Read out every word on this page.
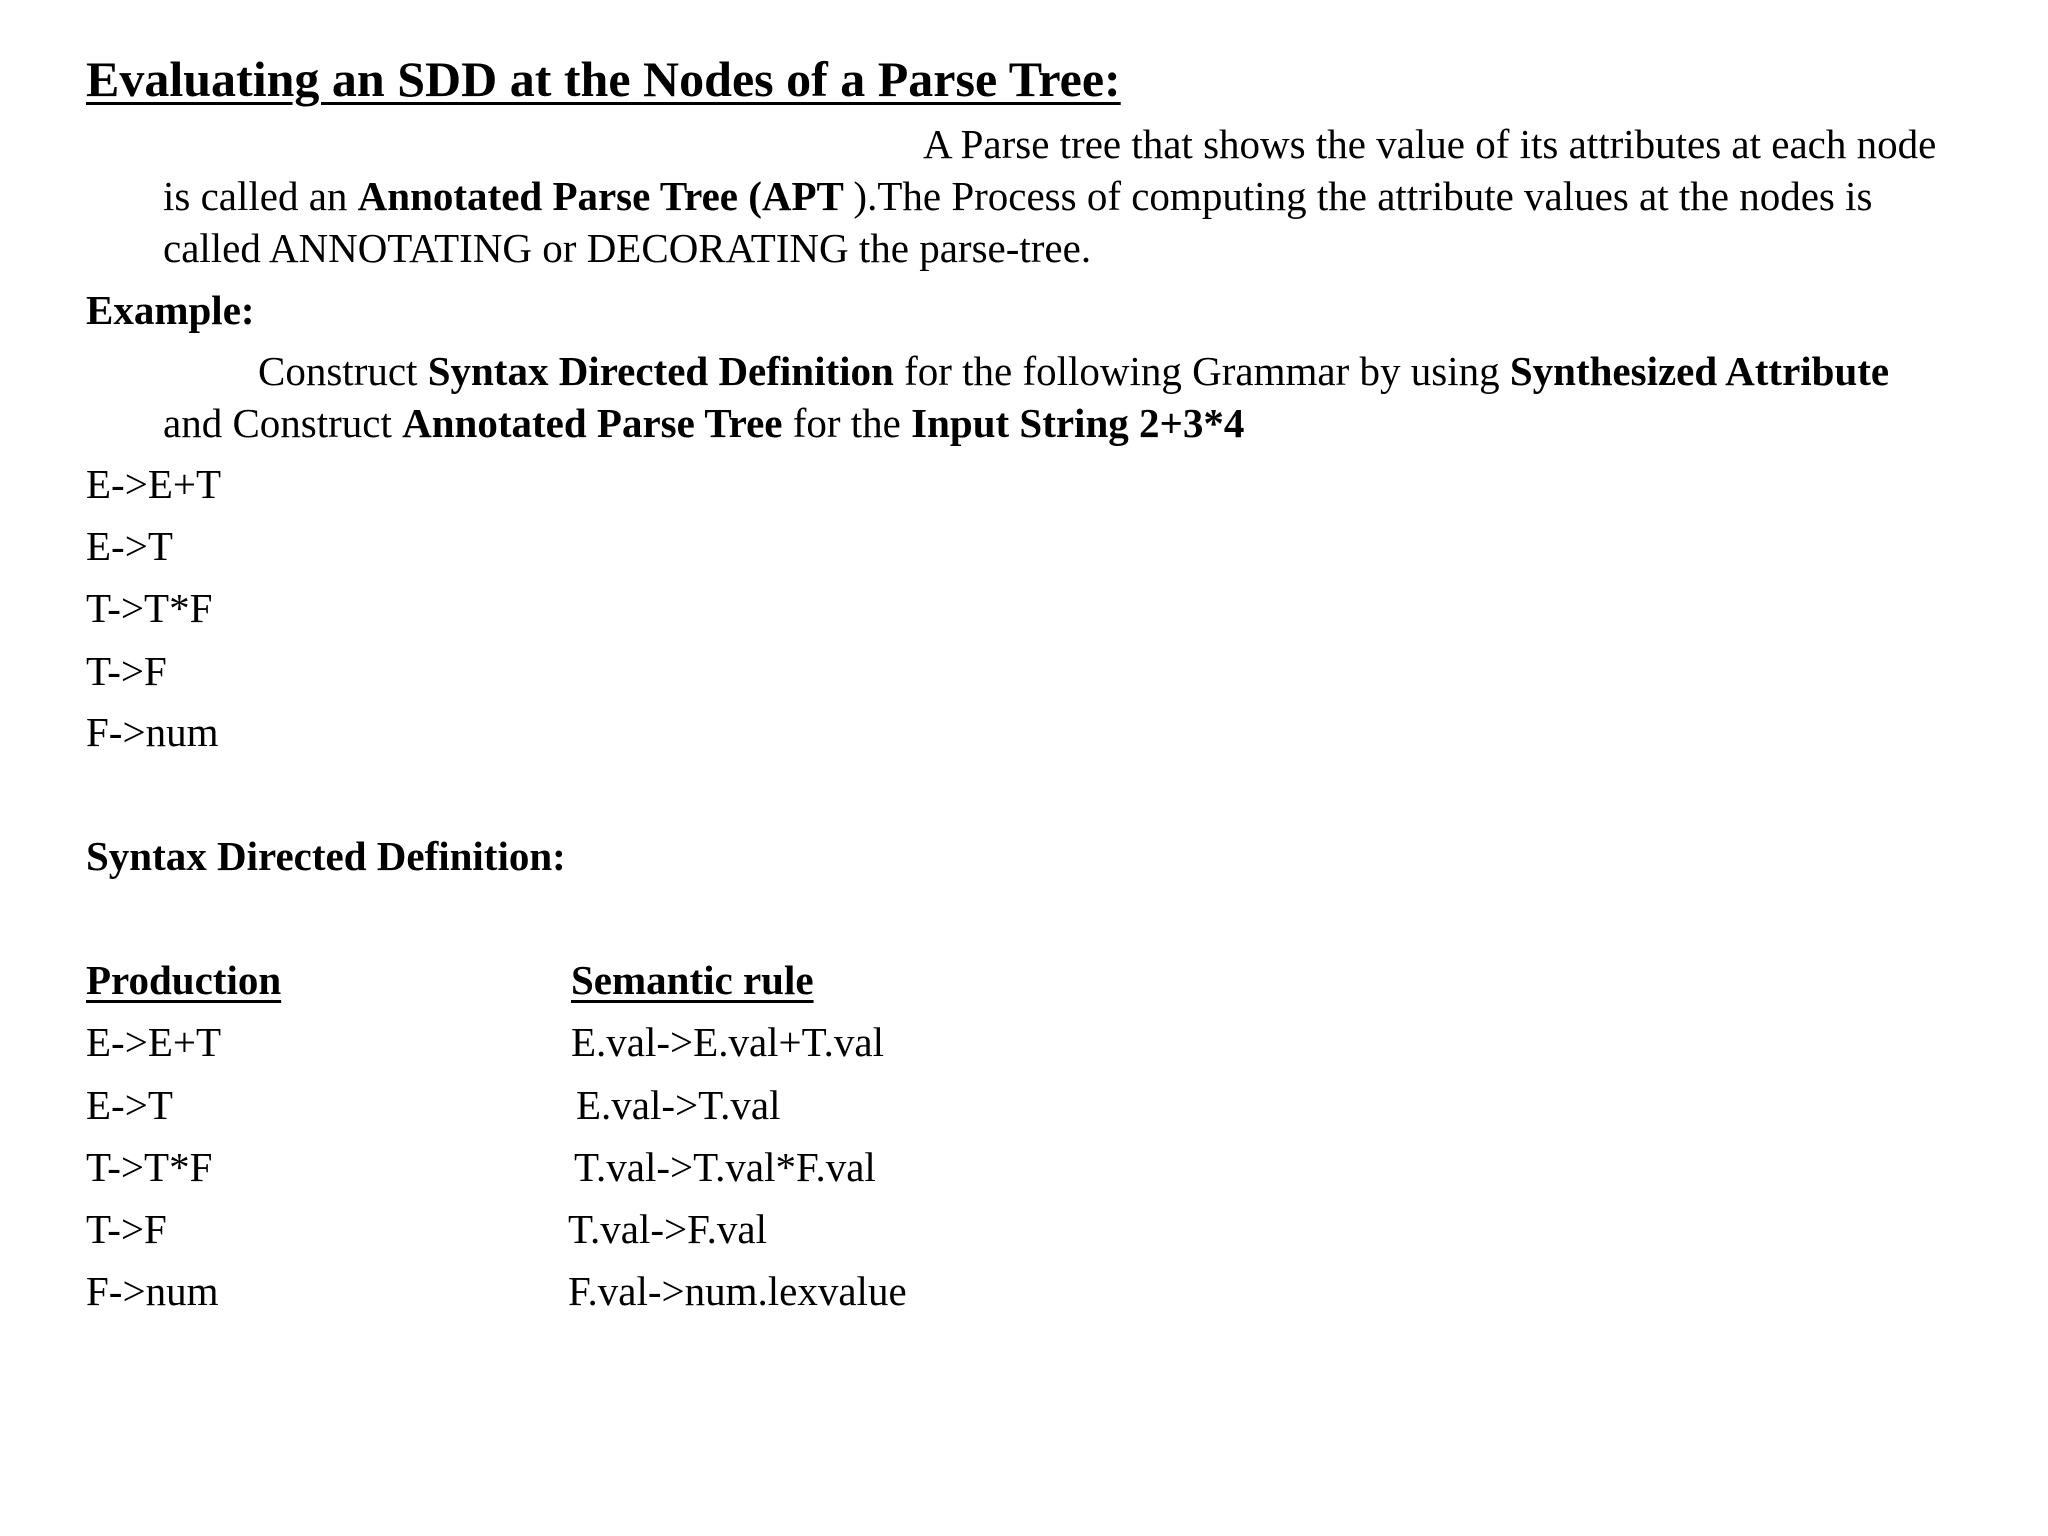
Evaluating an SDD at the Nodes of a Parse Tree:
A Parse tree that shows the value of its attributes at each node
is called an Annotated Parse Tree (APT ).The Process of computing the attribute values at the nodes is
called ANNOTATING or DECORATING the parse-tree.
Example:
Construct Syntax Directed Definition for the following Grammar by using Synthesized Attribute
and Construct Annotated Parse Tree for the Input String 2+3*4
E->E+T
E->T
T->T*F
T->F
F->num
Syntax Directed Definition:
Production	Semantic rule
E->E+T	E.val->E.val+T.val
E->T	E.val->T.val
T->T*F	T.val->T.val*F.val
T->F	T.val->F.val
F->num	F.val->num.lexvalue
